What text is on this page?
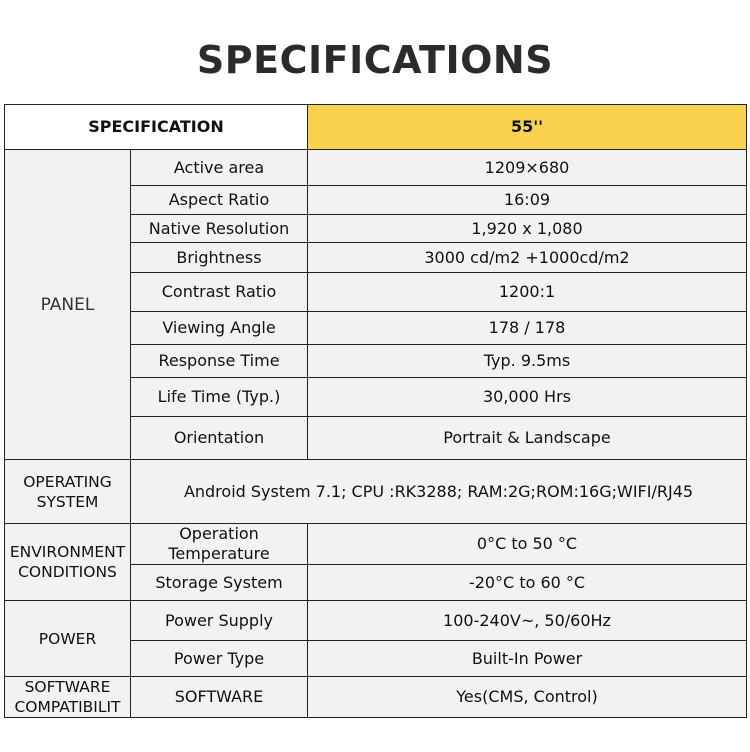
SPECIFICATIONS
SPECIFICATION		55''
PANEL	Active area	1209×680
	Aspect Ratio	16:09
	Native Resolution	1,920 x 1,080
	Brightness	3000 cd/m2 +1000cd/m2
	Contrast Ratio	1200:1
	Viewing Angle	178 / 178
	Response Time	Typ. 9.5ms
	Life Time (Typ.)	30,000 Hrs
	Orientation	Portrait & Landscape
OPERATING SYSTEM	Android System 7.1; CPU :RK3288; RAM:2G;ROM:16G;WIFI/RJ45	
ENVIRONMENT CONDITIONS	Operation Temperature	0°C to 50 °C
	Storage System	-20°C to 60 °C
POWER	Power Supply	100-240V~, 50/60Hz
	Power Type	Built-In Power
SOFTWARE COMPATIBILIT	SOFTWARE	Yes(CMS, Control)
